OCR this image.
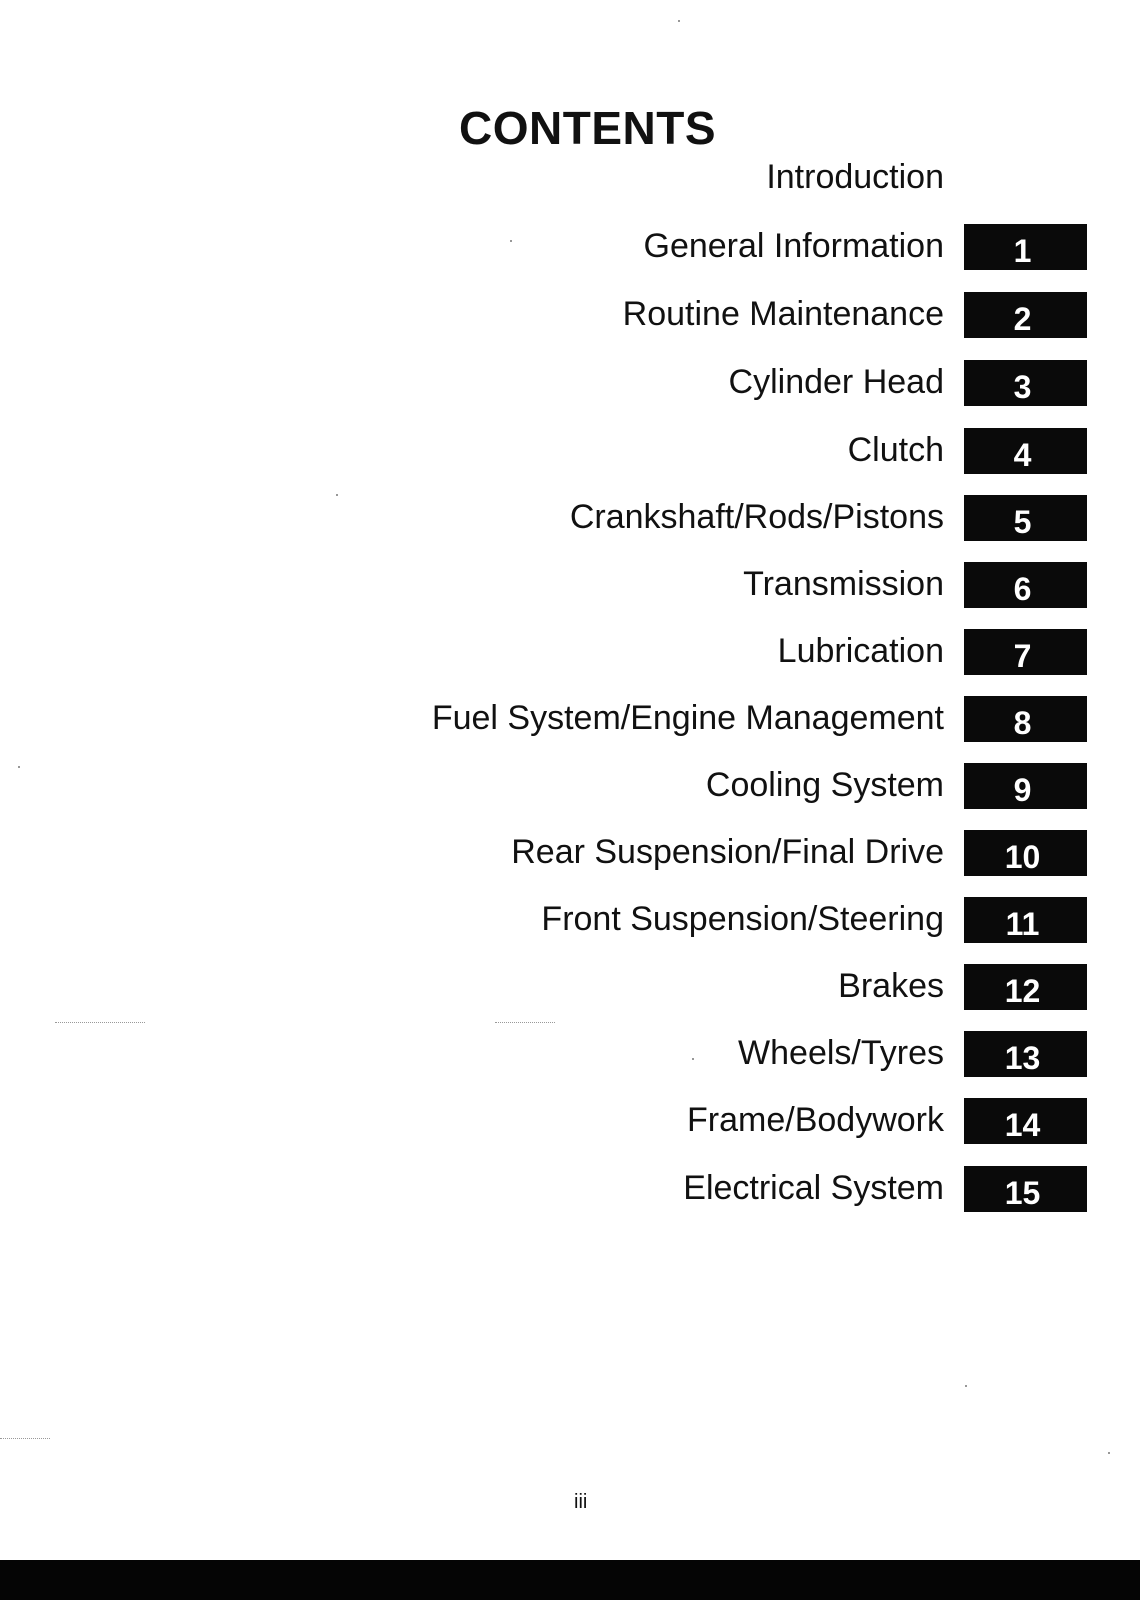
CONTENTS
Introduction
General Information	1
Routine Maintenance	2
Cylinder Head	3
Clutch	4
Crankshaft/Rods/Pistons	5
Transmission	6
Lubrication	7
Fuel System/Engine Management	8
Cooling System	9
Rear Suspension/Final Drive	10
Front Suspension/Steering	11
Brakes	12
Wheels/Tyres	13
Frame/Bodywork	14
Electrical System	15
iii
